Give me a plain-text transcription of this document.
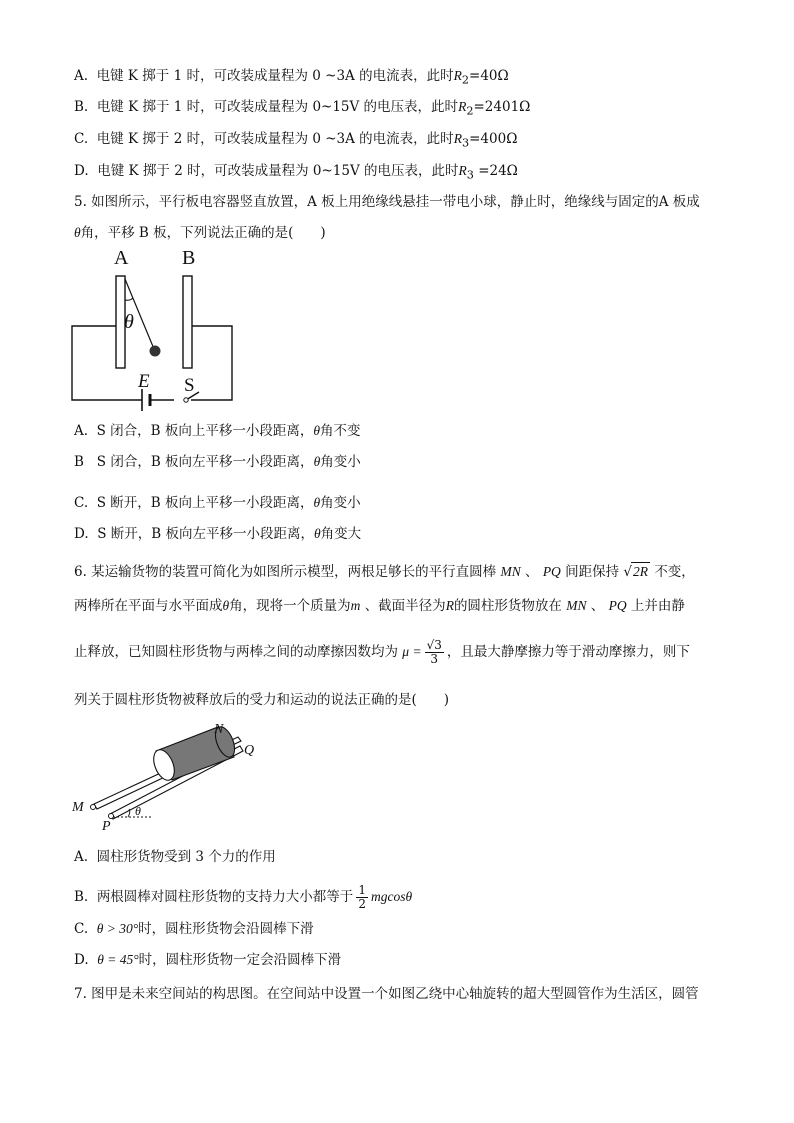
A. 电键 K 掷于 1 时，可改装成量程为 0 ~3A 的电流表，此时$R_2=40\Omega$
B. 电键 K 掷于 1 时，可改装成量程为 0~15V 的电压表，此时$R_2=2401\Omega$
C. 电键 K 掷于 2 时，可改装成量程为 0 ~3A 的电流表，此时$R_3=400\Omega$
D. 电键 K 掷于 2 时，可改装成量程为 0~15V 的电压表，此时$R_3 =24\Omega$
5. 如图所示，平行板电容器竖直放置，A 板上用绝缘线悬挂一带电小球，静止时，绝缘线与固定的A 板成
θ角，平移 B 板，下列说法正确的是(　　)
A	B
θ
E S
A. S 闭合，B 板向上平移一小段距离，θ角不变
B S 闭合，B 板向左平移一小段距离，θ角变小
C. S 断开，B 板向上平移一小段距离，θ角变小
D. S 断开，B 板向左平移一小段距离，θ角变大
6. 某运输货物的装置可简化为如图所示模型，两根足够长的平行直圆棒 MN 、 PQ 间距保持 √2R 不变，
两棒所在平面与水平面成θ角，现将一个质量为m 、截面半径为R的圆柱形货物放在 MN 、 PQ 上并由静
止释放，已知圆柱形货物与两棒之间的动摩擦因数均为 $\mu = \frac{√3}{3}$ ，且最大静摩擦力等于滑动摩擦力，则下
列关于圆柱形货物被释放后的受力和运动的说法正确的是(　　)
N
Q
M
P
θ
A. 圆柱形货物受到 3 个力的作用
B. 两根圆棒对圆柱形货物的支持力大小都等于 $\frac{1}{2}$ mgcosθ
C. θ > 30°时，圆柱形货物会沿圆棒下滑
D. θ = 45°时，圆柱形货物一定会沿圆棒下滑
7. 图甲是未来空间站的构思图。在空间站中设置一个如图乙绕中心轴旋转的超大型圆管作为生活区，圆管
